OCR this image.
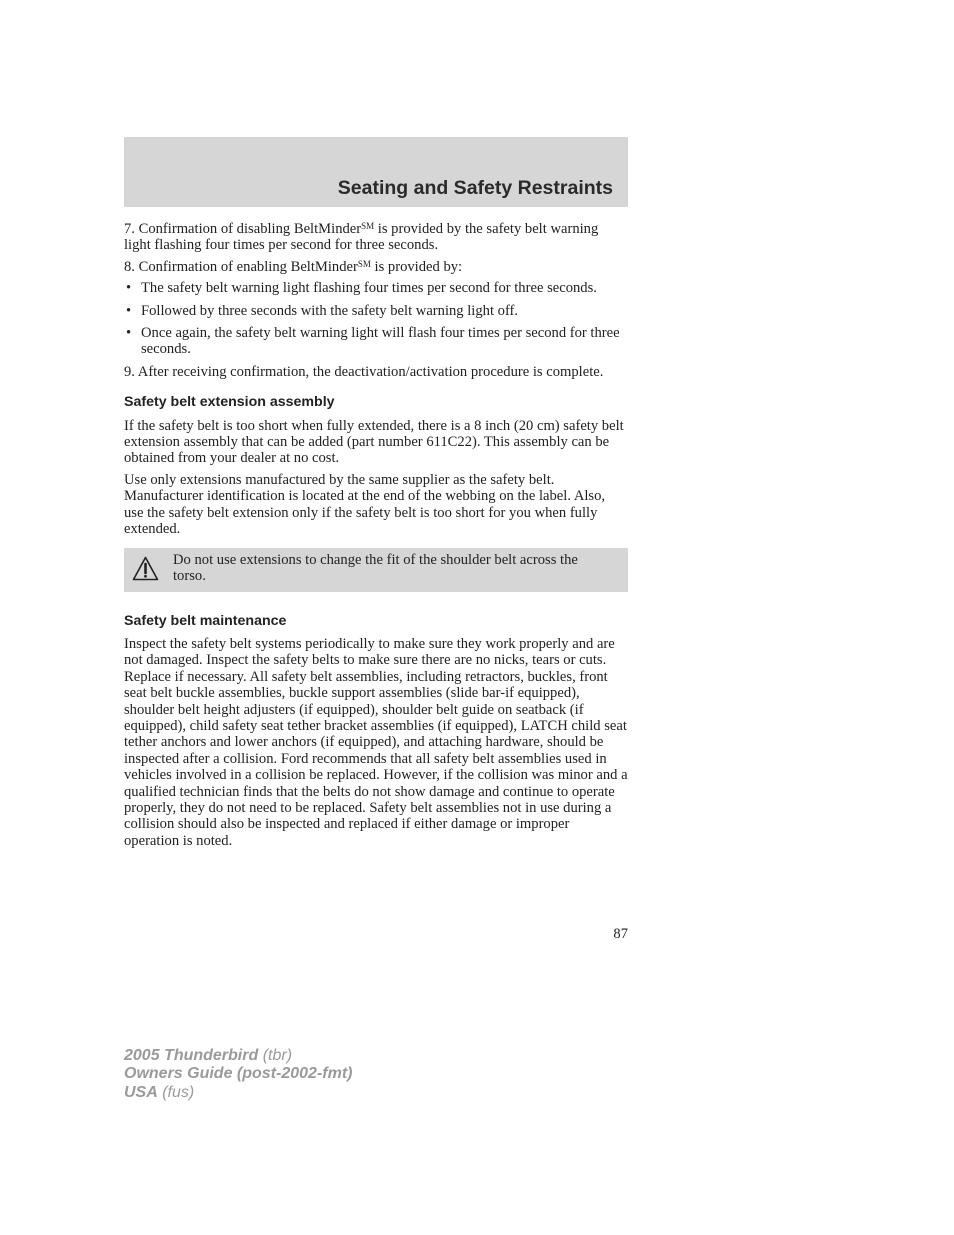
Seating and Safety Restraints

7. Confirmation of disabling BeltMinder℠ is provided by the safety belt warning light flashing four times per second for three seconds.

8. Confirmation of enabling BeltMinder℠ is provided by:

• The safety belt warning light flashing four times per second for three seconds.
• Followed by three seconds with the safety belt warning light off.
• Once again, the safety belt warning light will flash four times per second for three seconds.

9. After receiving confirmation, the deactivation/activation procedure is complete.

Safety belt extension assembly

If the safety belt is too short when fully extended, there is a 8 inch (20 cm) safety belt extension assembly that can be added (part number 611C22). This assembly can be obtained from your dealer at no cost.

Use only extensions manufactured by the same supplier as the safety belt. Manufacturer identification is located at the end of the webbing on the label. Also, use the safety belt extension only if the safety belt is too short for you when fully extended.

Do not use extensions to change the fit of the shoulder belt across the torso.
Safety belt maintenance

Inspect the safety belt systems periodically to make sure they work properly and are not damaged. Inspect the safety belts to make sure there are no nicks, tears or cuts. Replace if necessary. All safety belt assemblies, including retractors, buckles, front seat belt buckle assemblies, buckle support assemblies (slide bar-if equipped), shoulder belt height adjusters (if equipped), shoulder belt guide on seatback (if equipped), child safety seat tether bracket assemblies (if equipped), LATCH child seat tether anchors and lower anchors (if equipped), and attaching hardware, should be inspected after a collision. Ford recommends that all safety belt assemblies used in vehicles involved in a collision be replaced. However, if the collision was minor and a qualified technician finds that the belts do not show damage and continue to operate properly, they do not need to be replaced. Safety belt assemblies not in use during a collision should also be inspected and replaced if either damage or improper operation is noted.

87

2005 Thunderbird (tbr)
Owners Guide (post-2002-fmt)
USA (fus)
